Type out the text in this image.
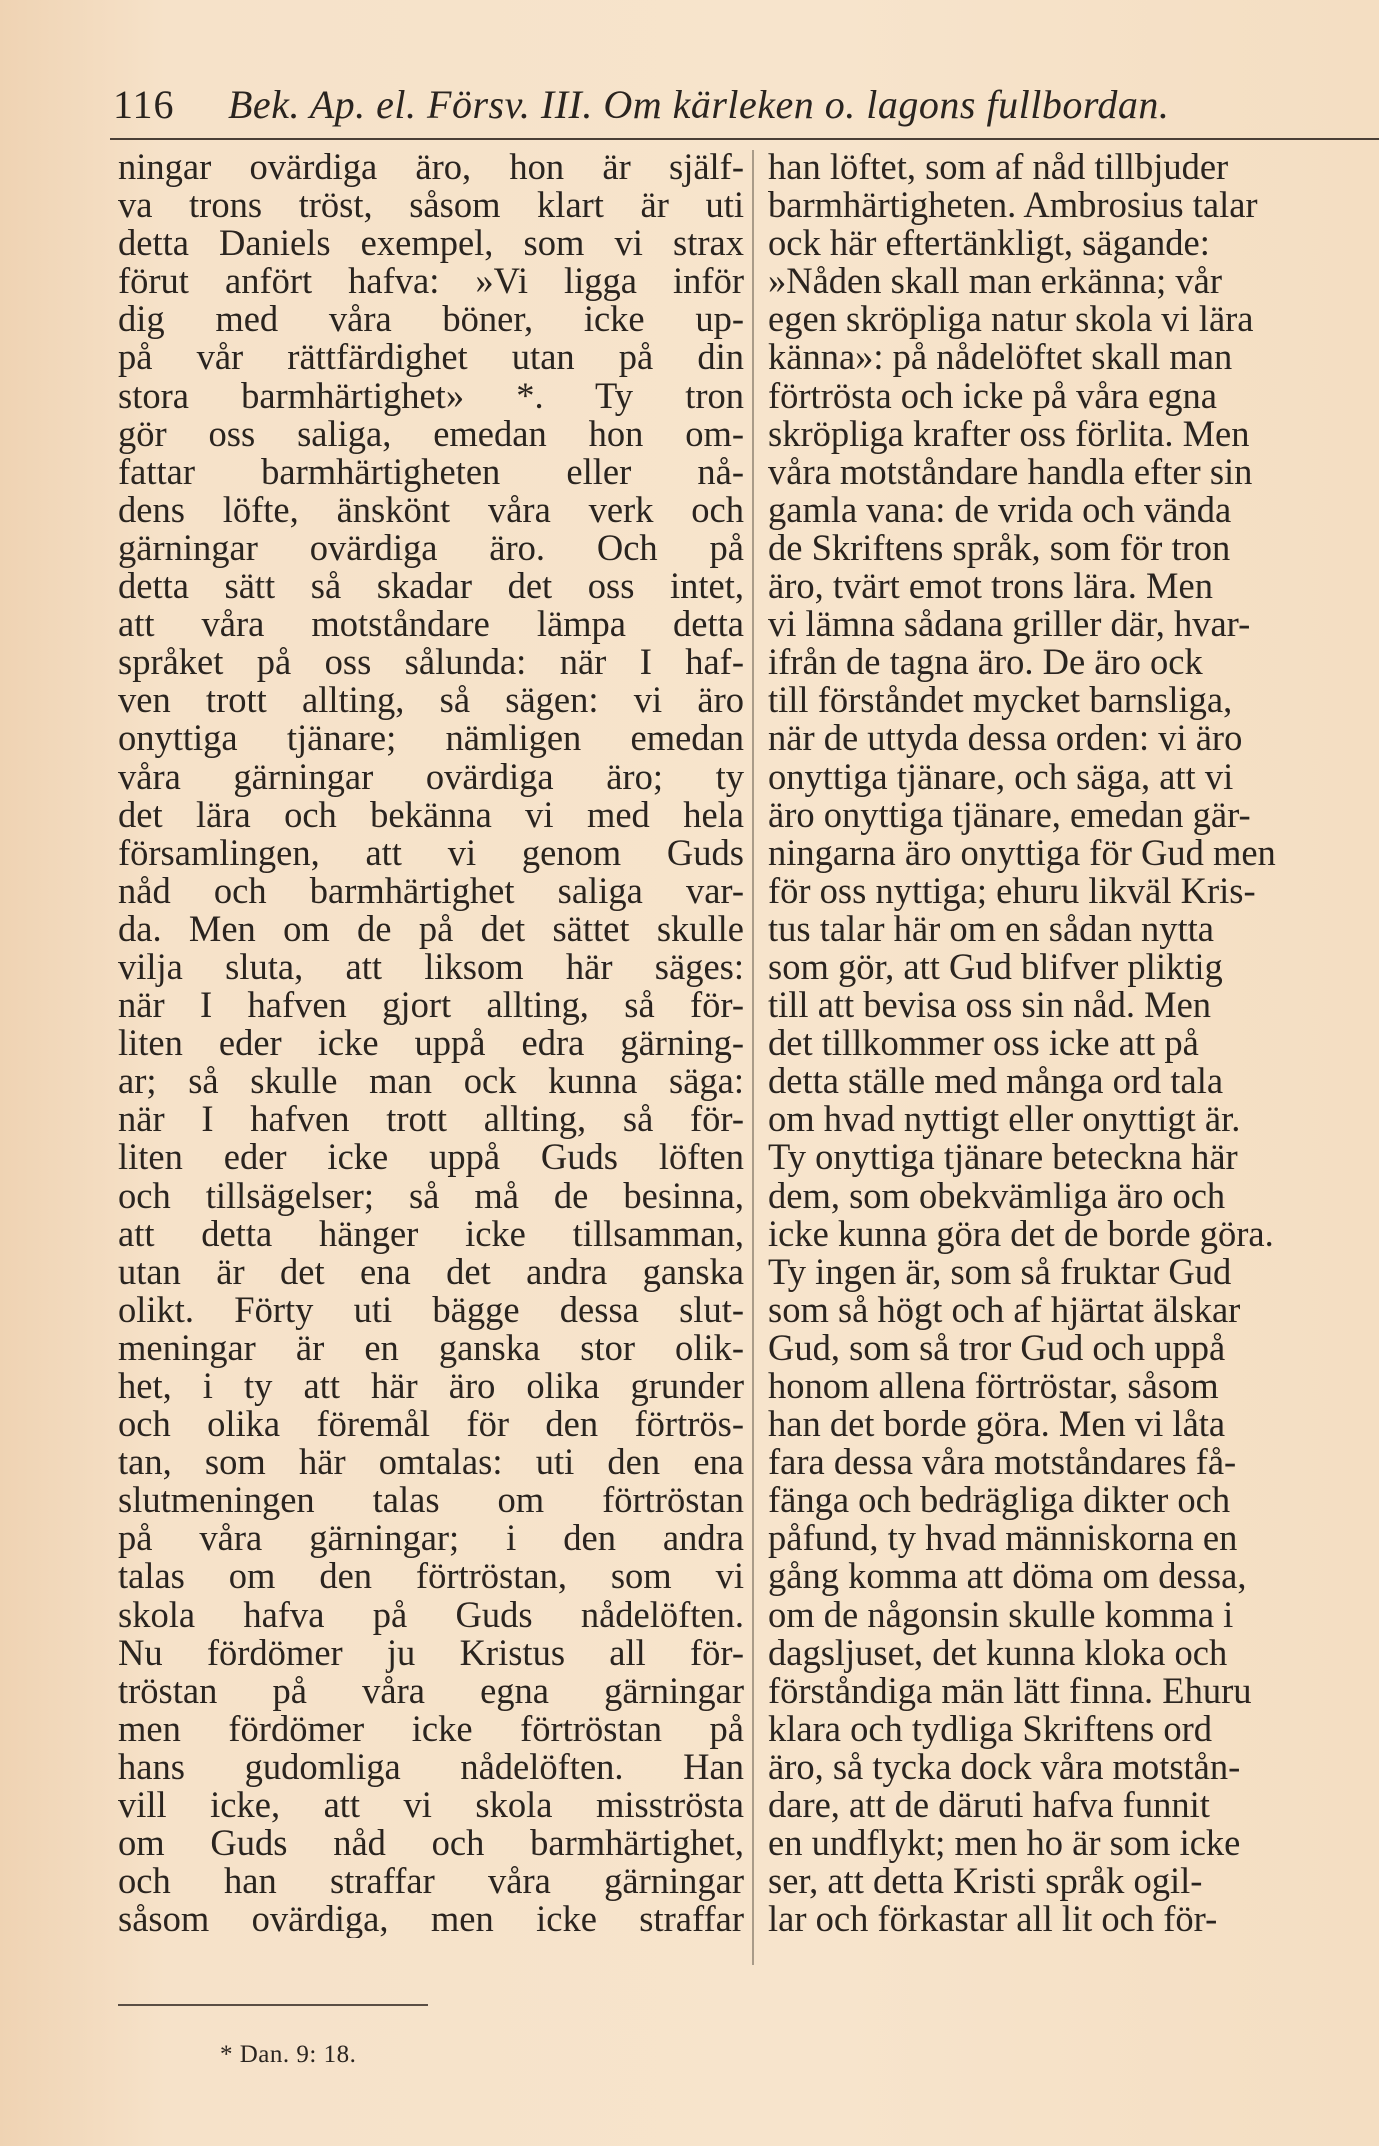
116 Bek. Ap. el. Försv. III. Om kärleken o. lagons fullbordan.
ningar ovärdiga äro, hon är själf-
va trons tröst, såsom klart är uti
detta Daniels exempel, som vi strax
förut anfört hafva: »Vi ligga inför
dig med våra böner, icke up-
på vår rättfärdighet utan på din
stora barmhärtighet» *. Ty tron
gör oss saliga, emedan hon om-
fattar barmhärtigheten eller nå-
dens löfte, änskönt våra verk och
gärningar ovärdiga äro. Och på
detta sätt så skadar det oss intet,
att våra motståndare lämpa detta
språket på oss sålunda: när I haf-
ven trott allting, så sägen: vi äro
onyttiga tjänare; nämligen emedan
våra gärningar ovärdiga äro; ty
det lära och bekänna vi med hela
församlingen, att vi genom Guds
nåd och barmhärtighet saliga var-
da. Men om de på det sättet skulle
vilja sluta, att liksom här säges:
när I hafven gjort allting, så för-
liten eder icke uppå edra gärning-
ar; så skulle man ock kunna säga:
när I hafven trott allting, så för-
liten eder icke uppå Guds löften
och tillsägelser; så må de besinna,
att detta hänger icke tillsamman,
utan är det ena det andra ganska
olikt. Förty uti bägge dessa slut-
meningar är en ganska stor olik-
het, i ty att här äro olika grunder
och olika föremål för den förtrös-
tan, som här omtalas: uti den ena
slutmeningen talas om förtröstan
på våra gärningar; i den andra
talas om den förtröstan, som vi
skola hafva på Guds nådelöften.
Nu fördömer ju Kristus all för-
tröstan på våra egna gärningar
men fördömer icke förtröstan på
hans gudomliga nådelöften. Han
vill icke, att vi skola misströsta
om Guds nåd och barmhärtighet,
och han straffar våra gärningar
såsom ovärdiga, men icke straffar
han löftet, som af nåd tillbjuder
barmhärtigheten. Ambrosius talar
ock här eftertänkligt, sägande:
»Nåden skall man erkänna; vår
egen skröpliga natur skola vi lära
känna»: på nådelöftet skall man
förtrösta och icke på våra egna
skröpliga krafter oss förlita. Men
våra motståndare handla efter sin
gamla vana: de vrida och vända
de Skriftens språk, som för tron
äro, tvärt emot trons lära. Men
vi lämna sådana griller där, hvar-
ifrån de tagna äro. De äro ock
till förståndet mycket barnsliga,
när de uttyda dessa orden: vi äro
onyttiga tjänare, och säga, att vi
äro onyttiga tjänare, emedan gär-
ningarna äro onyttiga för Gud men
för oss nyttiga; ehuru likväl Kris-
tus talar här om en sådan nytta
som gör, att Gud blifver pliktig
till att bevisa oss sin nåd. Men
det tillkommer oss icke att på
detta ställe med många ord tala
om hvad nyttigt eller onyttigt är.
Ty onyttiga tjänare beteckna här
dem, som obekvämliga äro och
icke kunna göra det de borde göra.
Ty ingen är, som så fruktar Gud
som så högt och af hjärtat älskar
Gud, som så tror Gud och uppå
honom allena förtröstar, såsom
han det borde göra. Men vi låta
fara dessa våra motståndares få-
fänga och bedrägliga dikter och
påfund, ty hvad människorna en
gång komma att döma om dessa,
om de någonsin skulle komma i
dagsljuset, det kunna kloka och
förståndiga män lätt finna. Ehuru
klara och tydliga Skriftens ord
äro, så tycka dock våra motstån-
dare, att de däruti hafva funnit
en undflykt; men ho är som icke
ser, att detta Kristi språk ogil-
lar och förkastar all lit och för-
* Dan. 9: 18.
